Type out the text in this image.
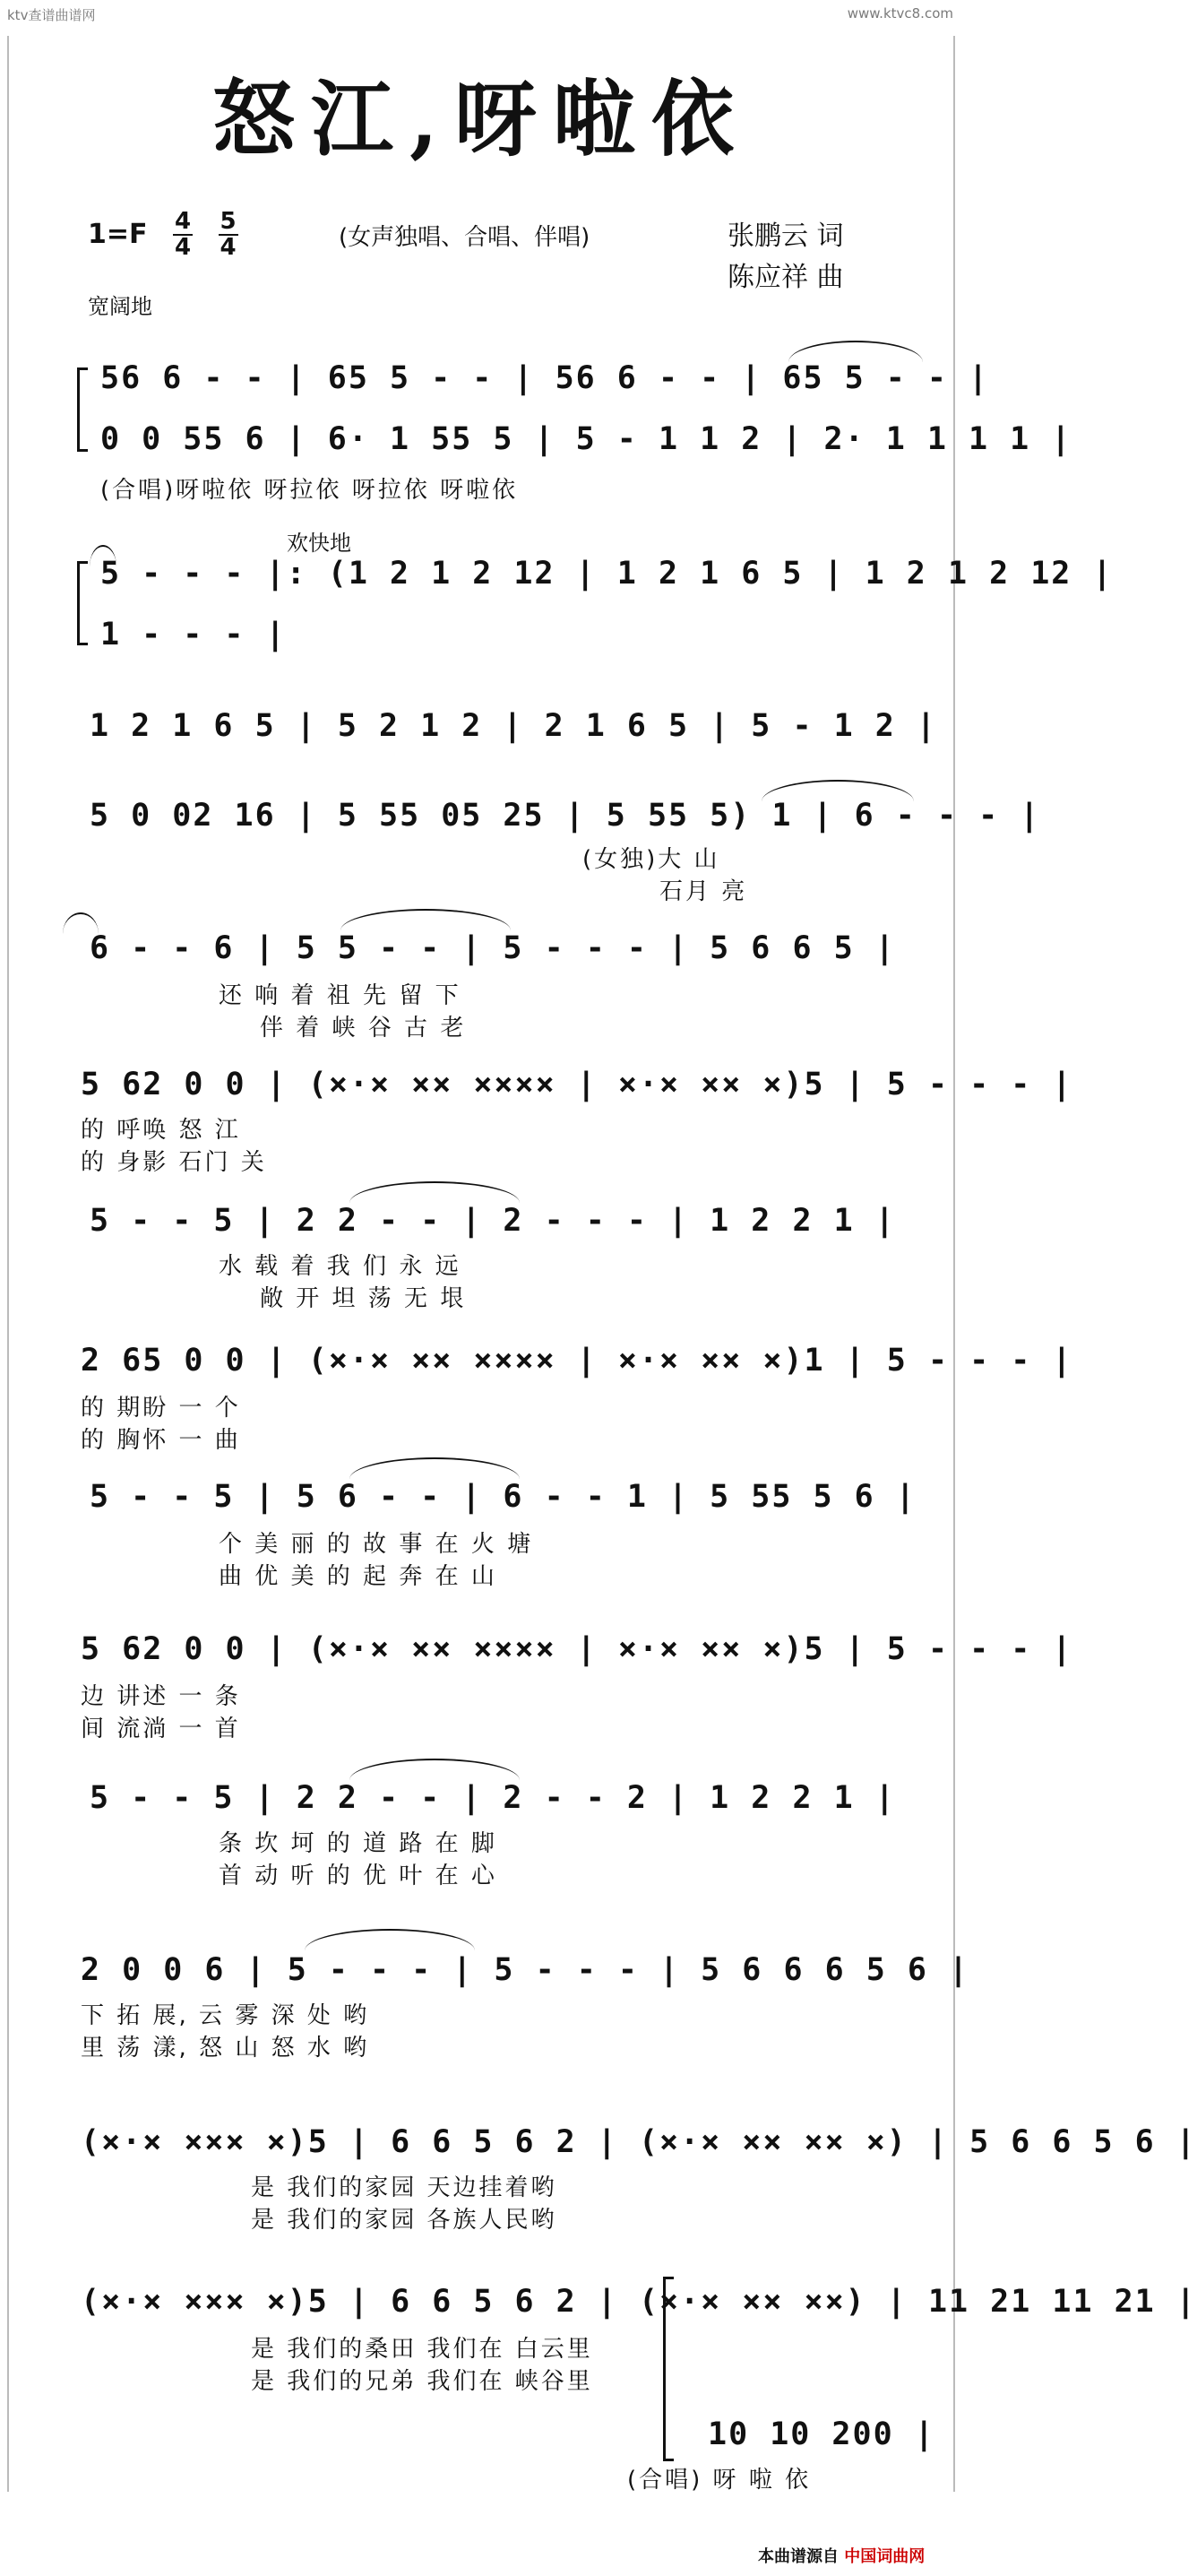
ktv查谱曲谱网	www.ktvc8.com
怒江,呀啦依
$1=F \frac{4}{4}$
$\frac{5}{4}$	(女声独唱、合唱、伴唱)	张鹏云 词
陈应祥 曲
宽阔地
56 6 - - | 65 5 - - | 56 6 - - | 65 5 - - |
0 0 55 6 | 6· 1 55 5 | 5 - 1 1 2 | 2· 1 1 1 1 |
(合唱)呀啦依 呀拉依 呀拉依 呀啦依
欢快地
5 - - - |: (1 2 1 2 12 | 1 2 1 6 5 | 1 2 1 2 12 |
1 - - - |
1 2 1 6 5 | 5 2 1 2 | 2 1 6 5 | 5 - 1 2 |
5 0 02 16 | 5 55 05 25 | 5 55 5) 1 | 6 - - - |
(女独)大 山
石月 亮
6 - - 6 | 5 5 - - | 5 - - - | 5 6 6 5 |
还 响 着 祖 先 留 下
伴 着 峡 谷 古 老
5 62 0 0 | (×·× ×× ×××× | ×·× ×× ×)5 | 5 - - - |
的 呼唤 怒 江
的 身影 石门 关
5 - - 5 | 2 2 - - | 2 - - - | 1 2 2 1 |
水 载 着 我 们 永 远
敞 开 坦 荡 无 垠
2 65 0 0 | (×·× ×× ×××× | ×·× ×× ×)1 | 5 - - - |
的 期盼 一 个
的 胸怀 一 曲
5 - - 5 | 5 6 - - | 6 - - 1 | 5 55 5 6 |
个 美 丽 的 故 事 在 火 塘
曲 优 美 的 起 奔 在 山
5 62 0 0 | (×·× ×× ×××× | ×·× ×× ×)5 | 5 - - - |
边 讲述 一 条
间 流淌 一 首
5 - - 5 | 2 2 - - | 2 - - 2 | 1 2 2 1 |
条 坎 坷 的 道 路 在 脚
首 动 听 的 优 叶 在 心
2 0 0 6 | 5 - - - | 5 - - - | 5 6 6 6 5 6 |
下 拓 展, 云 雾 深 处 哟
里 荡 漾, 怒 山 怒 水 哟
(×·× ××× ×)5 | 6 6 5 6 2 | (×·× ×× ×× ×) | 5 6 6 5 6 |
是 我们的家园 天边挂着哟
是 我们的家园 各族人民哟
(×·× ××× ×)5 | 6 6 5 6 2 | (×·× ×× ××) | 11 21 11 21 |
是 我们的桑田 我们在 白云里
是 我们的兄弟 我们在 峡谷里
10 10 200 |
(合唱) 呀 啦 依
本曲谱源自 中国词曲网
